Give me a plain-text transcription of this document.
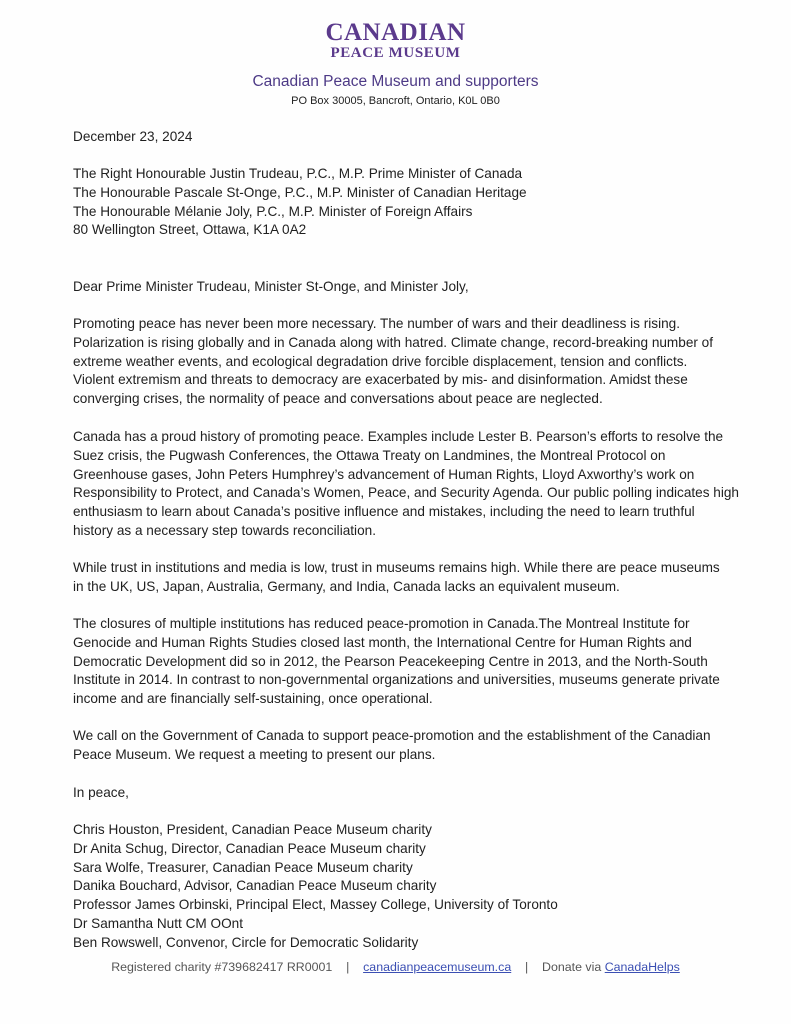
CANADIAN
PEACE MUSEUM
Canadian Peace Museum and supporters
PO Box 30005, Bancroft, Ontario, K0L 0B0
December 23, 2024
The Right Honourable Justin Trudeau, P.C., M.P. Prime Minister of Canada
The Honourable Pascale St-Onge, P.C., M.P. Minister of Canadian Heritage
The Honourable Mélanie Joly, P.C., M.P. Minister of Foreign Affairs
80 Wellington Street, Ottawa, K1A 0A2
Dear Prime Minister Trudeau, Minister St-Onge, and Minister Joly,
Promoting peace has never been more necessary. The number of wars and their deadliness is rising.
Polarization is rising globally and in Canada along with hatred. Climate change, record-breaking number of
extreme weather events, and ecological degradation drive forcible displacement, tension and conflicts.
Violent extremism and threats to democracy are exacerbated by mis- and disinformation. Amidst these
converging crises, the normality of peace and conversations about peace are neglected.
Canada has a proud history of promoting peace. Examples include Lester B. Pearson’s efforts to resolve the
Suez crisis, the Pugwash Conferences, the Ottawa Treaty on Landmines, the Montreal Protocol on
Greenhouse gases, John Peters Humphrey’s advancement of Human Rights, Lloyd Axworthy’s work on
Responsibility to Protect, and Canada’s Women, Peace, and Security Agenda. Our public polling indicates high
enthusiasm to learn about Canada’s positive influence and mistakes, including the need to learn truthful
history as a necessary step towards reconciliation.
While trust in institutions and media is low, trust in museums remains high. While there are peace museums
in the UK, US, Japan, Australia, Germany, and India, Canada lacks an equivalent museum.
The closures of multiple institutions has reduced peace-promotion in Canada.The Montreal Institute for
Genocide and Human Rights Studies closed last month, the International Centre for Human Rights and
Democratic Development did so in 2012, the Pearson Peacekeeping Centre in 2013, and the North-South
Institute in 2014. In contrast to non-governmental organizations and universities, museums generate private
income and are financially self-sustaining, once operational.
We call on the Government of Canada to support peace-promotion and the establishment of the Canadian
Peace Museum. We request a meeting to present our plans.
In peace,
Chris Houston, President, Canadian Peace Museum charity
Dr Anita Schug, Director, Canadian Peace Museum charity
Sara Wolfe, Treasurer, Canadian Peace Museum charity
Danika Bouchard, Advisor, Canadian Peace Museum charity
Professor James Orbinski, Principal Elect, Massey College, University of Toronto
Dr Samantha Nutt CM OOnt
Ben Rowswell, Convenor, Circle for Democratic Solidarity
Registered charity #739682417 RR0001 | canadianpeacemuseum.ca | Donate via CanadaHelps
